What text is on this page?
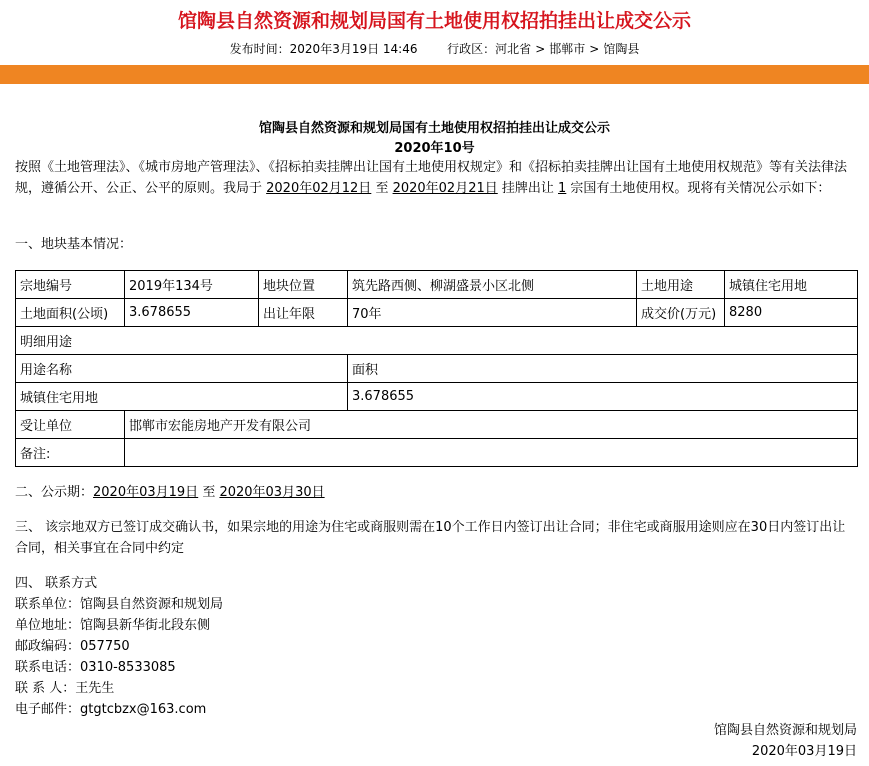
馆陶县自然资源和规划局国有土地使用权招拍挂出让成交公示
发布时间：2020年3月19日 14:46 行政区：河北省 > 邯郸市 > 馆陶县
馆陶县自然资源和规划局国有土地使用权招拍挂出让成交公示
2020年10号
按照《土地管理法》、《城市房地产管理法》、《招标拍卖挂牌出让国有土地使用权规定》和《招标拍卖挂牌出让国有土地使用权规范》等有关法律法规，遵循公开、公正、公平的原则。我局于 2020年02月12日 至 2020年02月21日 挂牌出让 1 宗国有土地使用权。现将有关情况公示如下：
一、地块基本情况：
宗地编号	2019年134号	地块位置	筑先路西侧、柳湖盛景小区北侧	土地用途	城镇住宅用地
土地面积(公顷)	3.678655	出让年限	70年	成交价(万元)	8280
明细用途					
用途名称			面积		
城镇住宅用地			3.678655		
受让单位	邯郸市宏能房地产开发有限公司				
备注:					
二、公示期：2020年03月19日 至 2020年03月30日
三、 该宗地双方已签订成交确认书，如果宗地的用途为住宅或商服则需在10个工作日内签订出让合同；非住宅或商服用途则应在30日内签订出让合同，相关事宜在合同中约定
四、 联系方式
联系单位：馆陶县自然资源和规划局
单位地址：馆陶县新华街北段东侧
邮政编码：057750
联系电话：0310-8533085
联 系 人：王先生
电子邮件：gtgtcbzx@163.com
馆陶县自然资源和规划局
2020年03月19日
